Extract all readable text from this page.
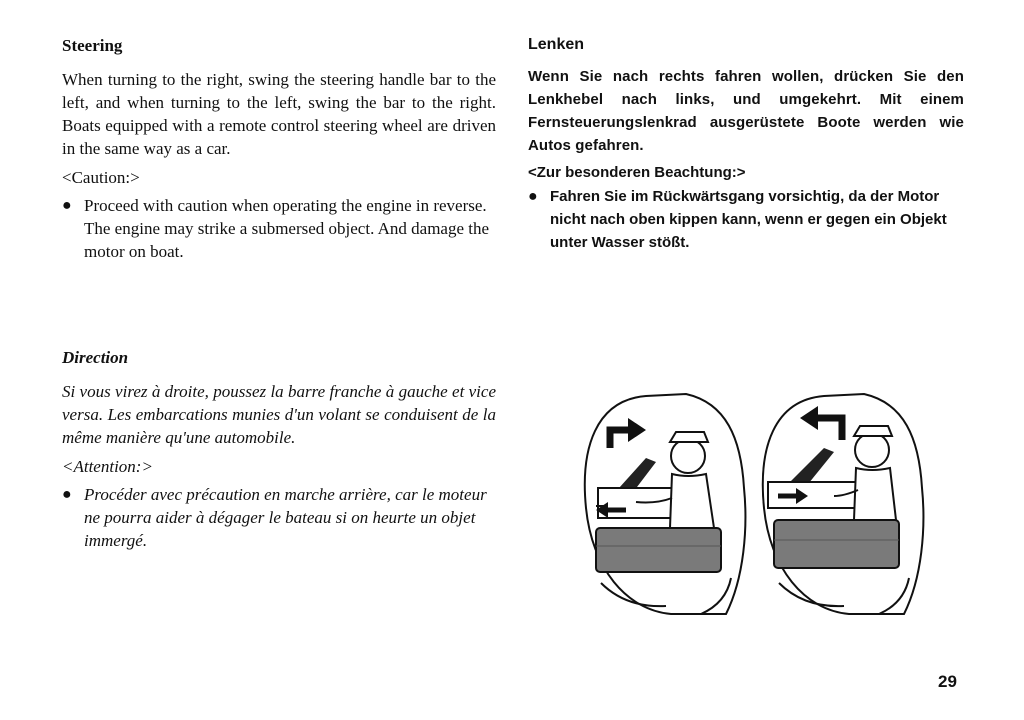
Steering

When turning to the right, swing the steering handle bar to the left, and when turning to the left, swing the bar to the right. Boats equipped with a remote control steering wheel are driven in the same way as a car.

<Caution:>
● Proceed with caution when operating the engine in reverse. The engine may strike a submersed object. And damage the motor on boat.
Lenken

Wenn Sie nach rechts fahren wollen, drücken Sie den Lenkhebel nach links, und umgekehrt. Mit einem Fernsteuerungslenkrad ausgerüstete Boote werden wie Autos gefahren.

<Zur besonderen Beachtung:>
● Fahren Sie im Rückwärtsgang vorsichtig, da der Motor nicht nach oben kippen kann, wenn er gegen ein Objekt unter Wasser stößt.
Direction

Si vous virez à droite, poussez la barre franche à gauche et vice versa. Les embarcations munies d'un volant se conduisent de la même manière qu'une automobile.

<Attention:>
● Procéder avec précaution en marche arrière, car le moteur ne pourra aider à dégager le bateau si on heurte un objet immergé.
29
